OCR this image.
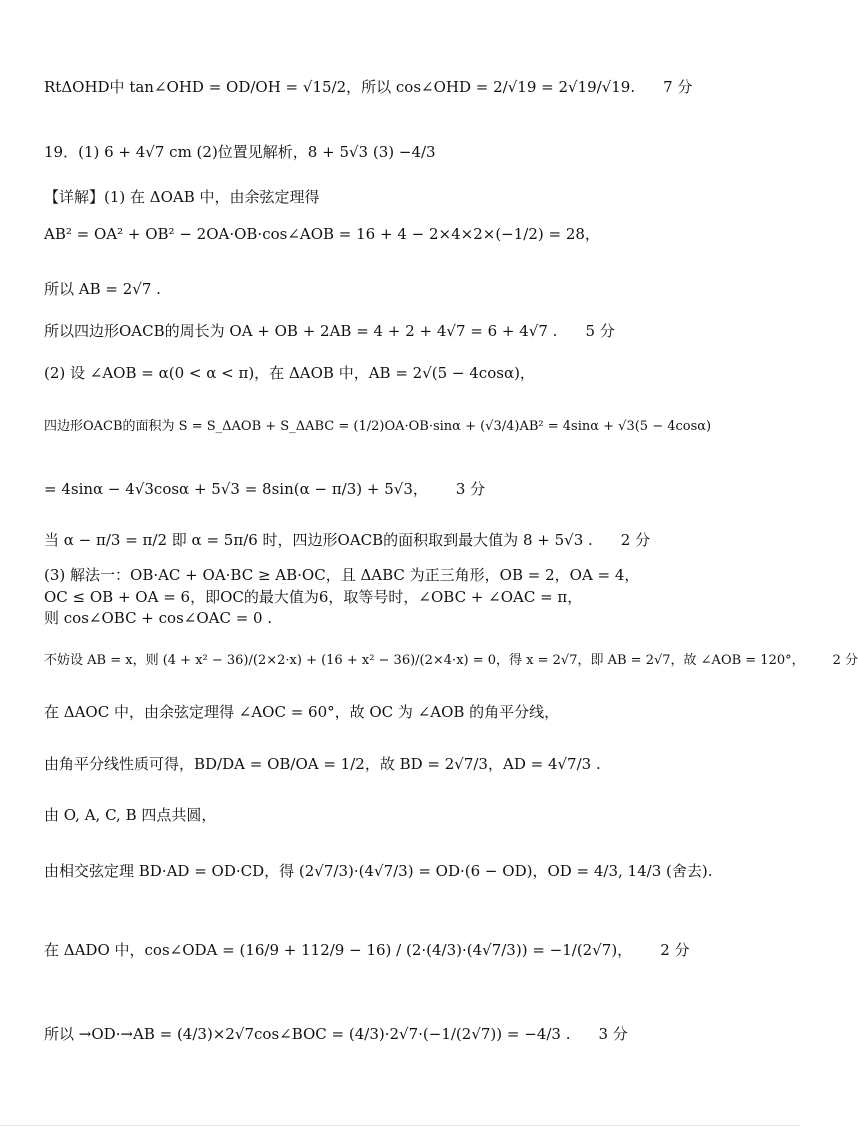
RtΔOHD中 tan∠OHD = OD/OH = √15/2，所以 cos∠OHD = 2/√19 = 2√19/√19. 7 分
19．(1) 6 + 4√7 cm (2)位置见解析，8 + 5√3 (3) −4/3
【详解】(1) 在 ΔOAB 中，由余弦定理得
AB² = OA² + OB² − 2OA·OB·cos∠AOB = 16 + 4 − 2×4×2×(−1/2) = 28，
所以 AB = 2√7 .
所以四边形OACB的周长为 OA + OB + 2AB = 4 + 2 + 4√7 = 6 + 4√7 . 5 分
(2) 设 ∠AOB = α(0 < α < π)，在 ΔAOB 中，AB = 2√(5 − 4cosα)，
四边形OACB的面积为 S = S_ΔAOB + S_ΔABC = (1/2)OA·OB·sinα + (√3/4)AB² = 4sinα + √3(5 − 4cosα)
= 4sinα − 4√3cosα + 5√3 = 8sin(α − π/3) + 5√3， 3 分
当 α − π/3 = π/2 即 α = 5π/6 时，四边形OACB的面积取到最大值为 8 + 5√3 . 2 分
(3) 解法一：OB·AC + OA·BC ≥ AB·OC，且 ΔABC 为正三角形，OB = 2，OA = 4，
OC ≤ OB + OA = 6，即OC的最大值为6，取等号时，∠OBC + ∠OAC = π，
则 cos∠OBC + cos∠OAC = 0 .
不妨设 AB = x，则 (4 + x² − 36)/(2×2·x) + (16 + x² − 36)/(2×4·x) = 0，得 x = 2√7，即 AB = 2√7，故 ∠AOB = 120°， 2 分
在 ΔAOC 中，由余弦定理得 ∠AOC = 60°，故 OC 为 ∠AOB 的角平分线，
由角平分线性质可得，BD/DA = OB/OA = 1/2，故 BD = 2√7/3，AD = 4√7/3 .
由 O, A, C, B 四点共圆，
由相交弦定理 BD·AD = OD·CD，得 (2√7/3)·(4√7/3) = OD·(6 − OD)，OD = 4/3, 14/3 (舍去).
在 ΔADO 中，cos∠ODA = (16/9 + 112/9 − 16) / (2·(4/3)·(4√7/3)) = −1/(2√7)， 2 分
所以 →OD·→AB = (4/3)×2√7cos∠BOC = (4/3)·2√7·(−1/(2√7)) = −4/3 . 3 分
